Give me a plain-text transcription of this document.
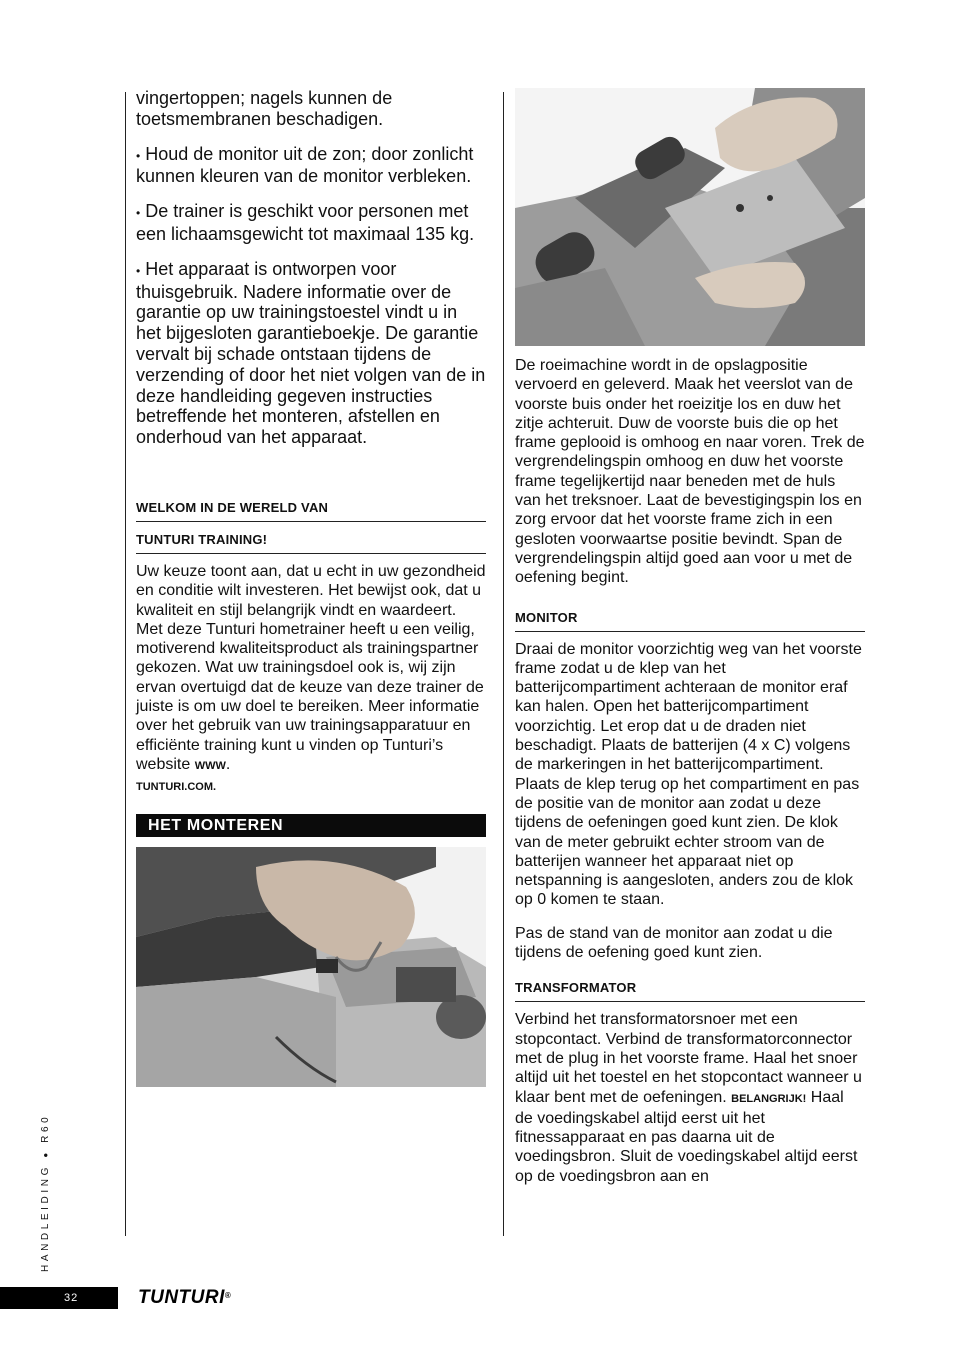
vingertoppen; nagels kunnen de toetsmembranen beschadigen.

• Houd de monitor uit de zon; door zonlicht kunnen kleuren van de monitor verbleken.

• De trainer is geschikt voor personen met een lichaamsgewicht tot maximaal 135 kg.

• Het apparaat is ontworpen voor thuisgebruik. Nadere informatie over de garantie op uw trainingstoestel vindt u in het bijgesloten garantieboekje. De garantie vervalt bij schade ontstaan tijdens de verzending of door het niet volgen van de in deze handleiding gegeven instructies betreffende het monteren, afstellen en onderhoud van het apparaat.

WELKOM IN DE WERELD VAN
TUNTURI TRAINING!

Uw keuze toont aan, dat u echt in uw gezondheid en conditie wilt investeren. Het bewijst ook, dat u kwaliteit en stijl belangrijk vindt en waardeert. Met deze Tunturi hometrainer heeft u een veilig, motiverend kwaliteitsproduct als trainingspartner gekozen. Wat uw trainingsdoel ook is, wij zijn ervan overtuigd dat de keuze van deze trainer de juiste is om uw doel te bereiken. Meer informatie over het gebruik van uw trainingsapparatuur en efficiënte training kunt u vinden op Tunturi’s website WWW.
TUNTURI.COM.

HET MONTEREN

De roeimachine wordt in de opslagpositie vervoerd en geleverd. Maak het veerslot van de voorste buis onder het roeizitje los en duw het zitje achteruit. Duw de voorste buis die op het frame geplooid is omhoog en naar voren. Trek de vergrendelingspin omhoog en duw het voorste frame tegelijkertijd naar beneden met de huls van het treksnoer. Laat de bevestigingspin los en zorg ervoor dat het voorste frame zich in een gesloten voorwaartse positie bevindt. Span de vergrendelingspin altijd goed aan voor u met de oefening begint.

MONITOR

Draai de monitor voorzichtig weg van het voorste frame zodat u de klep van het batterijcompartiment achteraan de monitor eraf kan halen. Open het batterijcompartiment voorzichtig. Let erop dat u de draden niet beschadigt. Plaats de batterijen (4 x C) volgens de markeringen in het batterijcompartiment. Plaats de klep terug op het compartiment en pas de positie van de monitor aan zodat u deze tijdens de oefeningen goed kunt zien. De klok van de meter gebruikt echter stroom van de batterijen wanneer het apparaat niet op netspanning is aangesloten, anders zou de klok op 0 komen te staan.

Pas de stand van de monitor aan zodat u die tijdens de oefening goed kunt zien.

TRANSFORMATOR

Verbind het transformatorsnoer met een stopcontact. Verbind de transformatorconnector met de plug in het voorste frame. Haal het snoer altijd uit het toestel en het stopcontact wanneer u klaar bent met de oefeningen. BELANGRIJK! Haal de voedingskabel altijd eerst uit het fitnessapparaat en pas daarna uit de voedingsbron. Sluit de voedingskabel altijd eerst op de voedingsbron aan en

HANDLEIDING ● R60
32	TUNTURI®
